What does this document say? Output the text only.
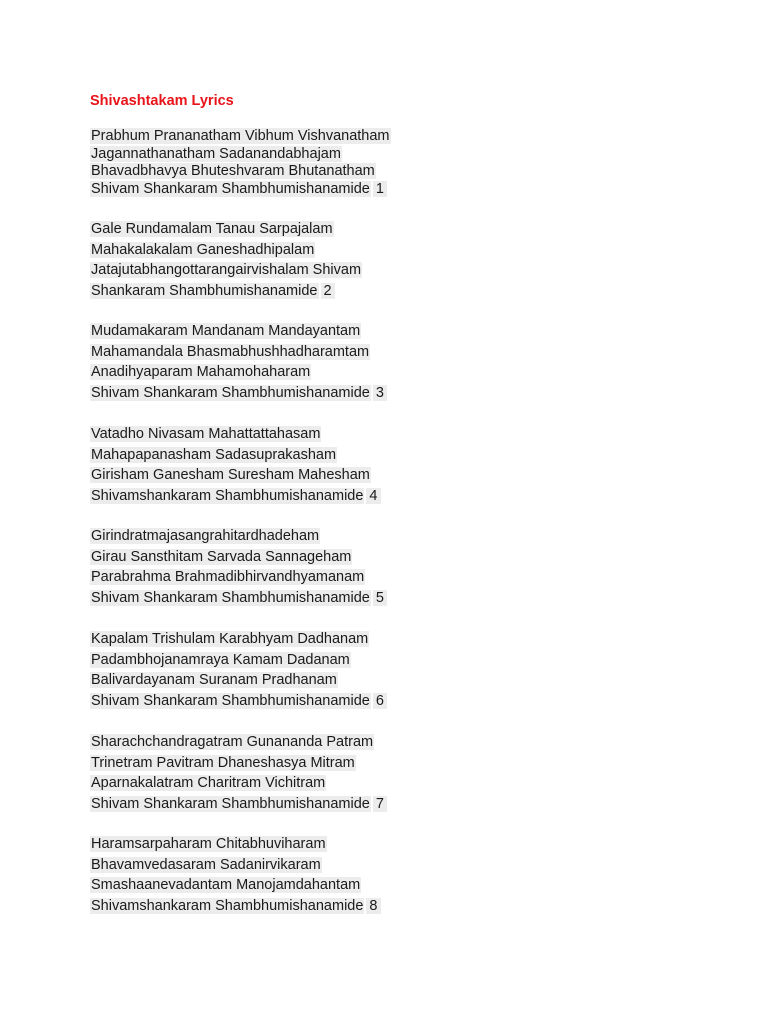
Shivashtakam Lyrics
Prabhum Prananatham Vibhum Vishvanatham
Jagannathanatham Sadanandabhajam
Bhavadbhavya Bhuteshvaram Bhutanatham
Shivam Shankaram Shambhumishanamide 1
Gale Rundamalam Tanau Sarpajalam
Mahakalakalam Ganeshadhipalam
Jatajutabhangottarangairvishalam Shivam
Shankaram Shambhumishanamide 2
Mudamakaram Mandanam Mandayantam
Mahamandala Bhasmabhushhadharamtam
Anadihyaparam Mahamohaharam
Shivam Shankaram Shambhumishanamide 3
Vatadho Nivasam Mahattattahasam
Mahapapanasham Sadasuprakasham
Girisham Ganesham Suresham Mahesham
Shivamshankaram Shambhumishanamide 4
Girindratmajasangrahitardhadeham
Girau Sansthitam Sarvada Sannageham
Parabrahma Brahmadibhirvandhyamanam
Shivam Shankaram Shambhumishanamide 5
Kapalam Trishulam Karabhyam Dadhanam
Padambhojanamraya Kamam Dadanam
Balivardayanam Suranam Pradhanam
Shivam Shankaram Shambhumishanamide 6
Sharachchandragatram Gunananda Patram
Trinetram Pavitram Dhaneshasya Mitram
Aparnakalatram Charitram Vichitram
Shivam Shankaram Shambhumishanamide 7
Haramsarpaharam Chitabhuviharam
Bhavamvedasaram Sadanirvikaram
Smashaanevadantam Manojamdahantam
Shivamshankaram Shambhumishanamide 8
